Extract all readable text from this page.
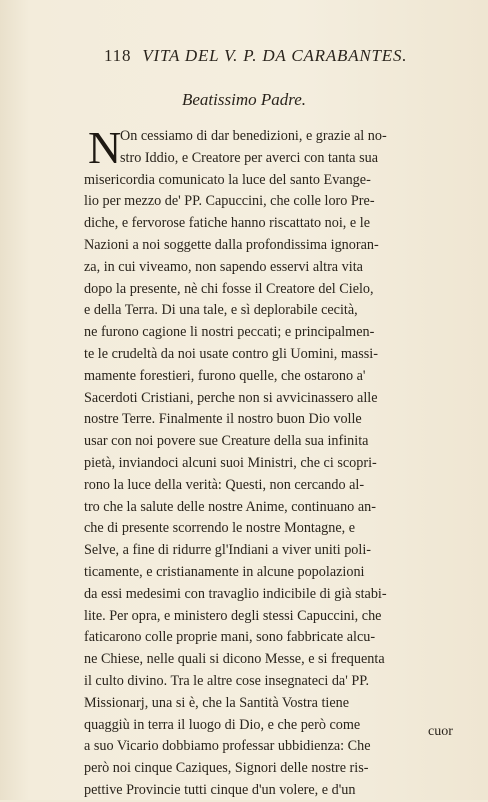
118 VITA DEL V. P. DA CARABANTES.
Beatissimo Padre.
N
On cessiamo di dar benedizioni, e grazie al no-
stro Iddio, e Creatore per averci con tanta sua
misericordia comunicato la luce del santo Evange-
lio per mezzo de' PP. Capuccini, che colle loro Pre-
diche, e fervorose fatiche hanno riscattato noi, e le
Nazioni a noi soggette dalla profondissima ignoran-
za, in cui viveamo, non sapendo esservi altra vita
dopo la presente, nè chi fosse il Creatore del Cielo,
e della Terra. Di una tale, e sì deplorabile cecità,
ne furono cagione li nostri peccati; e principalmen-
te le crudeltà da noi usate contro gli Uomini, massi-
mamente forestieri, furono quelle, che ostarono a'
Sacerdoti Cristiani, perche non si avvicinassero alle
nostre Terre. Finalmente il nostro buon Dio volle
usar con noi povere sue Creature della sua infinita
pietà, inviandoci alcuni suoi Ministri, che ci scopri-
rono la luce della verità: Questi, non cercando al-
tro che la salute delle nostre Anime, continuano an-
che di presente scorrendo le nostre Montagne, e
Selve, a fine di ridurre gl'Indiani a viver uniti poli-
ticamente, e cristianamente in alcune popolazioni
da essi medesimi con travaglio indicibile di già stabi-
lite. Per opra, e ministero degli stessi Capuccini, che
faticarono colle proprie mani, sono fabbricate alcu-
ne Chiese, nelle quali si dicono Messe, e si frequenta
il culto divino. Tra le altre cose insegnateci da' PP.
Missionarj, una si è, che la Santità Vostra tiene
quaggiù in terra il luogo di Dio, e che però come
a suo Vicario dobbiamo professar ubbidienza: Che
però noi cinque Caziques, Signori delle nostre ris-
pettive Provincie tutti cinque d'un volere, e d'un
cuor
